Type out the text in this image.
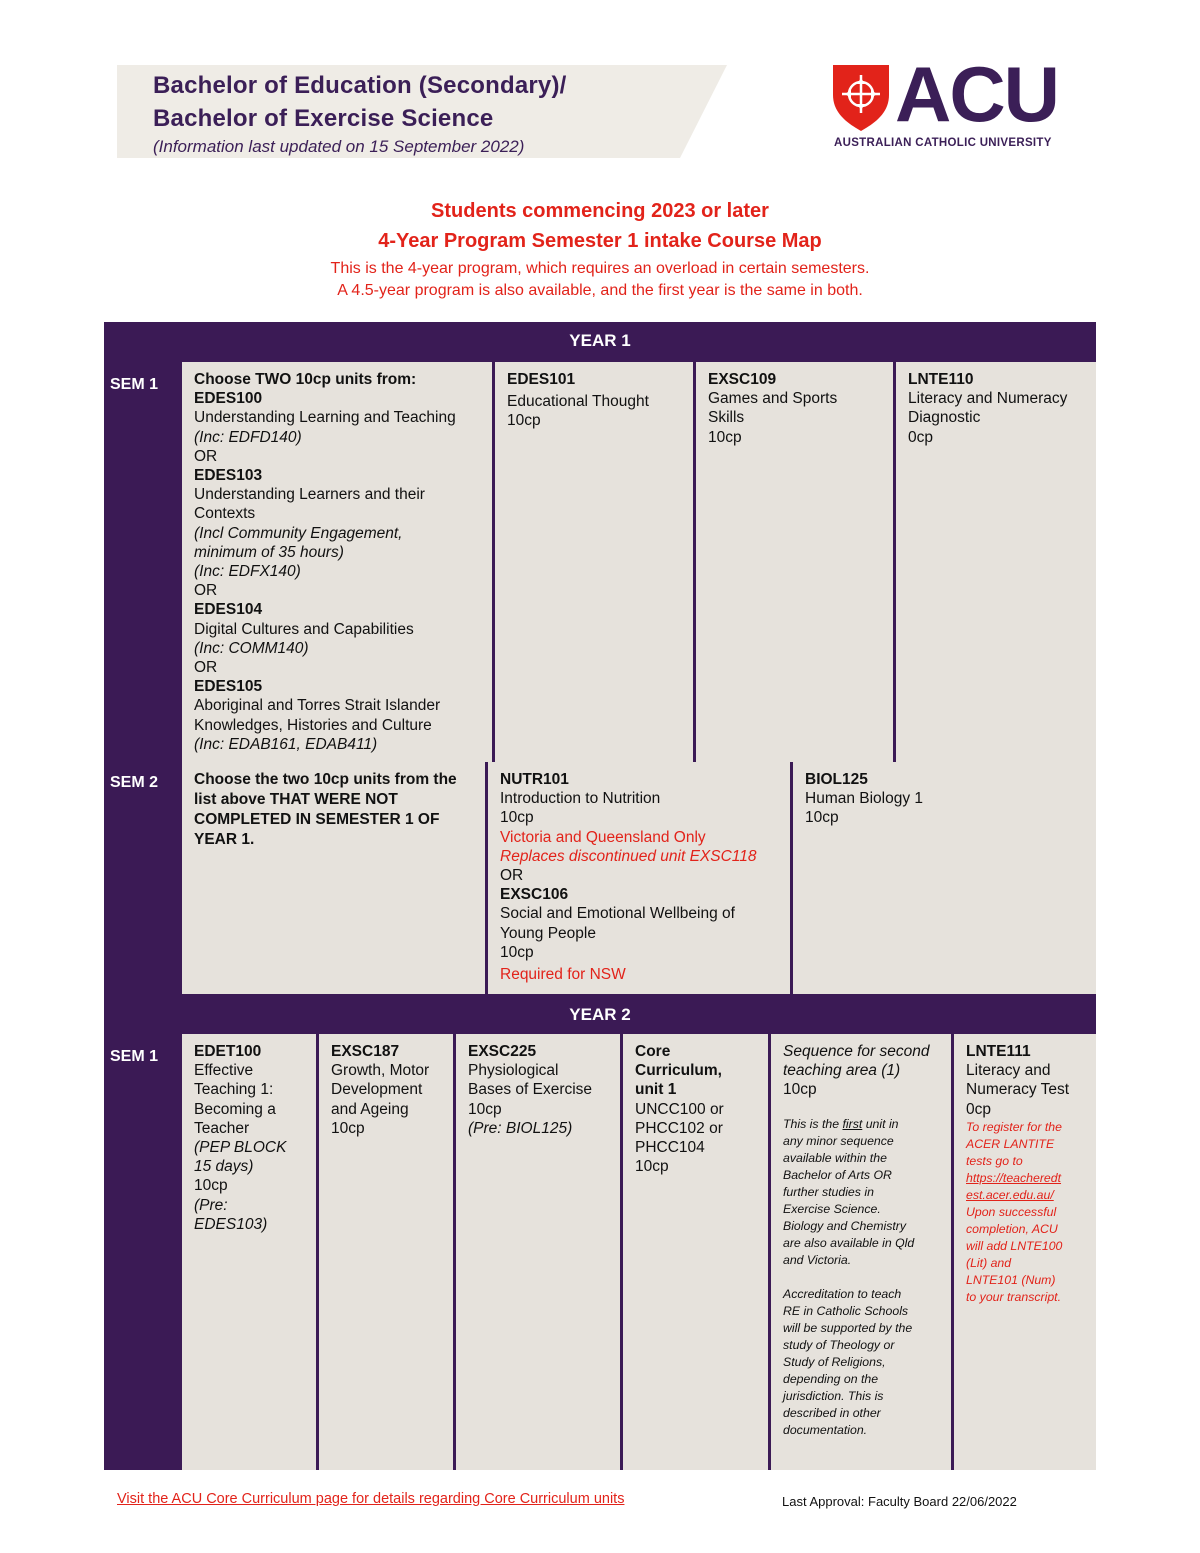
Bachelor of Education (Secondary)/
Bachelor of Exercise Science
(Information last updated on 15 September 2022)
ACU
AUSTRALIAN CATHOLIC UNIVERSITY
Students commencing 2023 or later
4-Year Program Semester 1 intake Course Map
This is the 4-year program, which requires an overload in certain semesters.
A 4.5-year program is also available, and the first year is the same in both.
YEAR 1
SEM 1 Choose TWO 10cp units from:
EDES100
Understanding Learning and Teaching
(Inc: EDFD140)
OR
EDES103
Understanding Learners and their
Contexts
(Incl Community Engagement,
minimum of 35 hours)
(Inc: EDFX140)
OR
EDES104
Digital Cultures and Capabilities
(Inc: COMM140)
OR
EDES105
Aboriginal and Torres Strait Islander
Knowledges, Histories and Culture
(Inc: EDAB161, EDAB411)
EDES101
Educational Thought
10cp
EXSC109
Games and Sports
Skills
10cp
LNTE110
Literacy and Numeracy
Diagnostic
0cp
SEM 2 Choose the two 10cp units from the
list above THAT WERE NOT
COMPLETED IN SEMESTER 1 OF
YEAR 1.
NUTR101
Introduction to Nutrition
10cp
Victoria and Queensland Only
Replaces discontinued unit EXSC118
OR
EXSC106
Social and Emotional Wellbeing of
Young People
10cp
Required for NSW
BIOL125
Human Biology 1
10cp
YEAR 2
SEM 1 EDET100
Effective
Teaching 1:
Becoming a
Teacher
(PEP BLOCK
15 days)
10cp
(Pre:
EDES103)
EXSC187
Growth, Motor
Development
and Ageing
10cp
EXSC225
Physiological
Bases of Exercise
10cp
(Pre: BIOL125)
Core
Curriculum,
unit 1
UNCC100 or
PHCC102 or
PHCC104
10cp
Sequence for second
teaching area (1)
10cp
This is the first unit in
any minor sequence
available within the
Bachelor of Arts OR
further studies in
Exercise Science.
Biology and Chemistry
are also available in Qld
and Victoria.
Accreditation to teach
RE in Catholic Schools
will be supported by the
study of Theology or
Study of Religions,
depending on the
jurisdiction. This is
described in other
documentation.
LNTE111
Literacy and
Numeracy Test
0cp
To register for the
ACER LANTITE
tests go to
https://teacheredt
est.acer.edu.au/
Upon successful
completion, ACU
will add LNTE100
(Lit) and
LNTE101 (Num)
to your transcript.
Visit the ACU Core Curriculum page for details regarding Core Curriculum units	Last Approval: Faculty Board 22/06/2022
